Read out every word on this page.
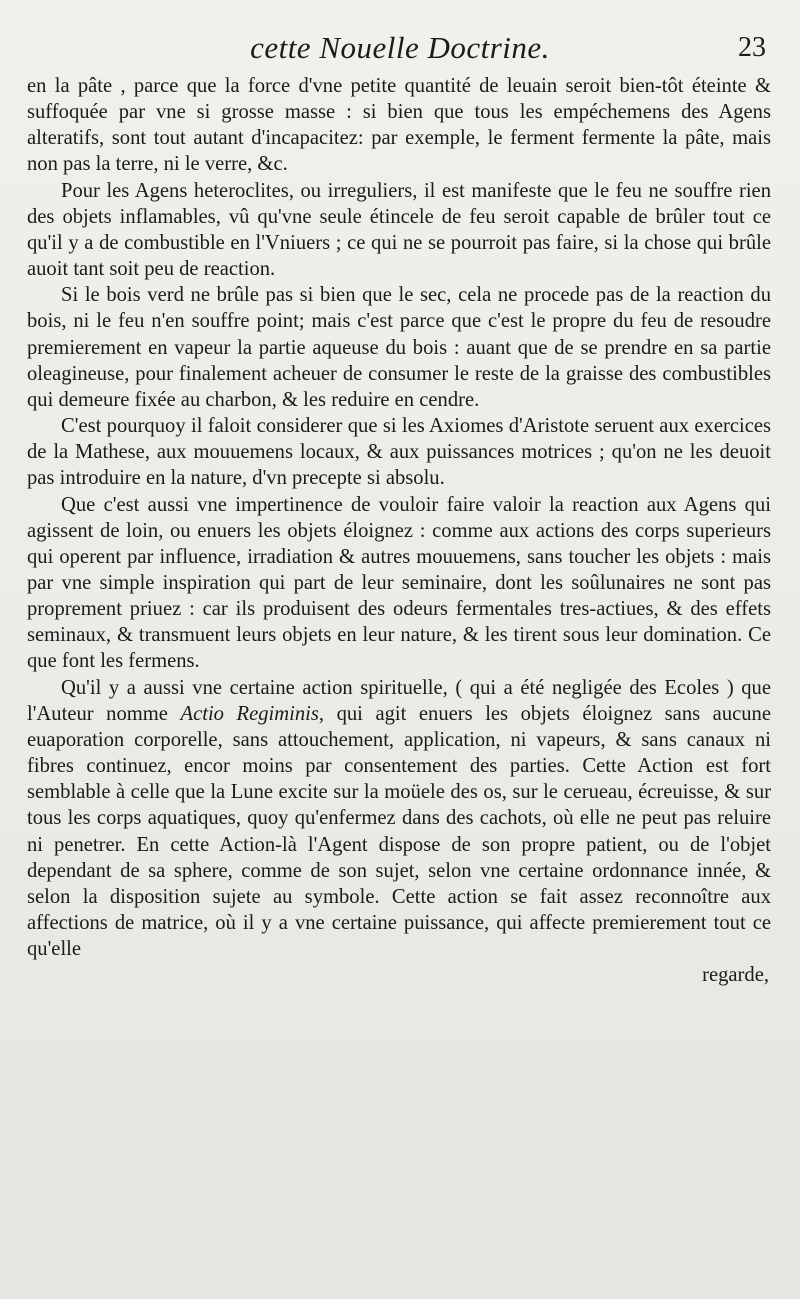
cette Nouelle Doctrine.	23

en la pâte , parce que la force d'vne petite quantité de leuain seroit bien-tôt éteinte & suffoquée par vne si grosse masse : si bien que tous les empéchemens des Agens alteratifs, sont tout autant d'incapacitez: par exemple, le ferment fermente la pâte, mais non pas la terre, ni le verre, &c.

Pour les Agens heteroclites, ou irreguliers, il est manifeste que le feu ne souffre rien des objets inflamables, vû qu'vne seule étincele de feu seroit capable de brûler tout ce qu'il y a de combustible en l'Vniuers ; ce qui ne se pourroit pas faire, si la chose qui brûle auoit tant soit peu de reaction.

Si le bois verd ne brûle pas si bien que le sec, cela ne procede pas de la reaction du bois, ni le feu n'en souffre point; mais c'est parce que c'est le propre du feu de resoudre premierement en vapeur la partie aqueuse du bois : auant que de se prendre en sa partie oleagineuse, pour finalement acheuer de consumer le reste de la graisse des combustibles qui demeure fixée au charbon, & les reduire en cendre.

C'est pourquoy il faloit considerer que si les Axiomes d'Aristote seruent aux exercices de la Mathese, aux mouuemens locaux, & aux puissances motrices ; qu'on ne les deuoit pas introduire en la nature, d'vn precepte si absolu.

Que c'est aussi vne impertinence de vouloir faire valoir la reaction aux Agens qui agissent de loin, ou enuers les objets éloignez : comme aux actions des corps superieurs qui operent par influence, irradiation & autres mouuemens, sans toucher les objets : mais par vne simple inspiration qui part de leur seminaire, dont les soûlunaires ne sont pas proprement priuez : car ils produisent des odeurs fermentales tres-actiues, & des effets seminaux, & transmuent leurs objets en leur nature, & les tirent sous leur domination. Ce que font les fermens.

Qu'il y a aussi vne certaine action spirituelle, ( qui a été negligée des Ecoles ) que l'Auteur nomme Actio Regiminis, qui agit enuers les objets éloignez sans aucune euaporation corporelle, sans attouchement, application, ni vapeurs, & sans canaux ni fibres continuez, encor moins par consentement des parties. Cette Action est fort semblable à celle que la Lune excite sur la moüele des os, sur le cerueau, écreuisse, & sur tous les corps aquatiques, quoy qu'enfermez dans des cachots, où elle ne peut pas reluire ni penetrer. En cette Action-là l'Agent dispose de son propre patient, ou de l'objet dependant de sa sphere, comme de son sujet, selon vne certaine ordonnance innée, & selon la disposition sujete au symbole. Cette action se fait assez reconnoître aux affections de matrice, où il y a vne certaine puissance, qui affecte premierement tout ce qu'elle

regarde,
